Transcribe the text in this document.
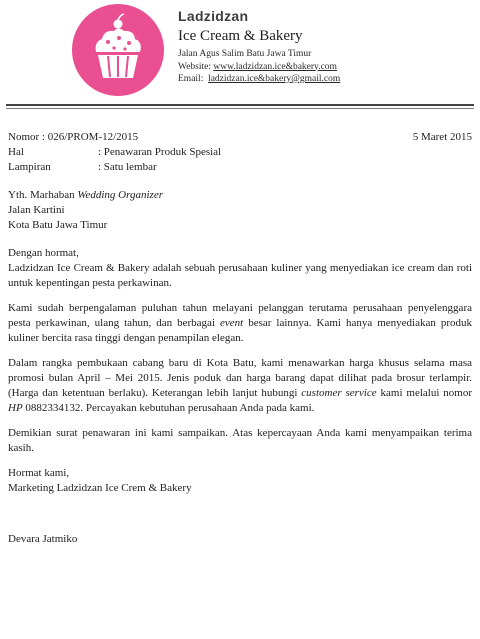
Ladzidzan
Ice Cream & Bakery
Jalan Agus Salim Batu Jawa Timur
Website: www.ladzidzan.ice&bakery.com
Email: ladzidzan.ice&bakery@gmail.com
Nomor : 026/PROM-12/2015	5 Maret 2015
Hal	: Penawaran Produk Spesial
Lampiran	: Satu lembar
Yth. Marhaban Wedding Organizer
Jalan Kartini
Kota Batu Jawa Timur
Dengan hormat,

Ladzidzan Ice Cream & Bakery adalah sebuah perusahaan kuliner yang menyediakan ice cream dan roti untuk kepentingan pesta perkawinan.

Kami sudah berpengalaman puluhan tahun melayani pelanggan terutama perusahaan penyelenggara pesta perkawinan, ulang tahun, dan berbagai event besar lainnya. Kami hanya menyediakan produk kuliner bercita rasa tinggi dengan penampilan elegan.

Dalam rangka pembukaan cabang baru di Kota Batu, kami menawarkan harga khusus selama masa promosi bulan April – Mei 2015. Jenis poduk dan harga barang dapat dilihat pada brosur terlampir. (Harga dan ketentuan berlaku). Keterangan lebih lanjut hubungi customer service kami melalui nomor HP 0882334132. Percayakan kebutuhan perusahaan Anda pada kami.

Demikian surat penawaran ini kami sampaikan. Atas kepercayaan Anda kami menyampaikan terima kasih.

Hormat kami,
Marketing Ladzidzan Ice Crem & Bakery
Devara Jatmiko
